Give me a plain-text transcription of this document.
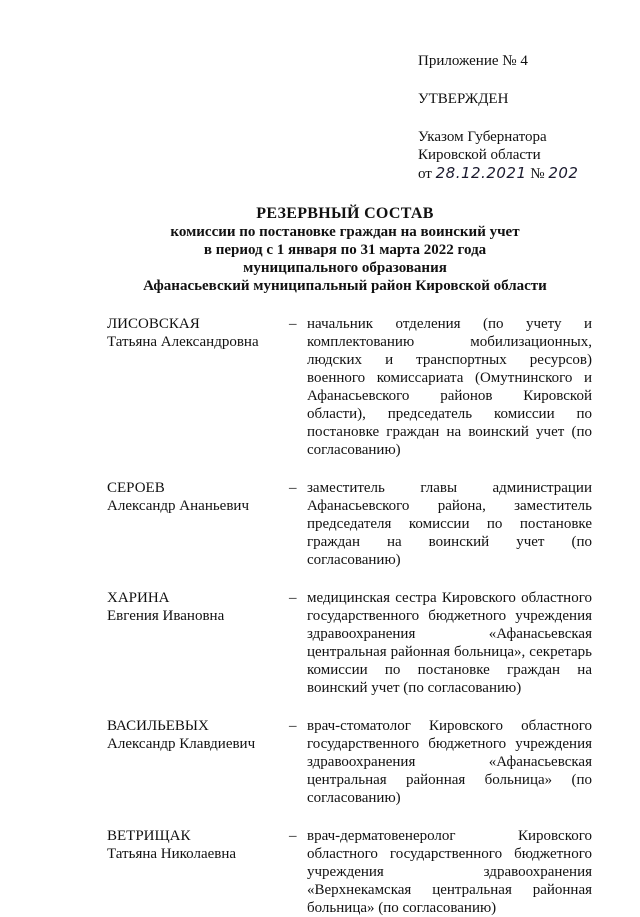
Приложение № 4

УТВЕРЖДЕН

Указом Губернатора

Кировской области

от 28.12.2021 № 202

РЕЗЕРВНЫЙ СОСТАВ
комиссии по постановке граждан на воинский учет
в период с 1 января по 31 марта 2022 года
муниципального образования
Афанасьевский муниципальный район Кировской области
ЛИСОВСКАЯ
Татьяна Александровна
– начальник отделения (по учету и комплектованию мобилизационных, людских и транспортных ресурсов) военного комиссариата (Омутнинского и Афанасьевского районов Кировской области), председатель комиссии по постановке граждан на воинский учет (по согласованию)
СЕРОЕВ
Александр Ананьевич
– заместитель главы администрации Афанасьевского района, заместитель председателя комиссии по постановке граждан на воинский учет (по согласованию)
ХАРИНА
Евгения Ивановна
– медицинская сестра Кировского областного государственного бюджетного учреждения здравоохранения «Афанасьевская центральная районная больница», секретарь комиссии по постановке граждан на воинский учет (по согласованию)
ВАСИЛЬЕВЫХ
Александр Клавдиевич
– врач-стоматолог Кировского областного государственного бюджетного учреждения здравоохранения «Афанасьевская центральная районная больница» (по согласованию)
ВЕТРИЩАК
Татьяна Николаевна
– врач-дерматовенеролог Кировского областного государственного бюджетного учреждения здравоохранения «Верхнекамская центральная районная больница» (по согласованию)
